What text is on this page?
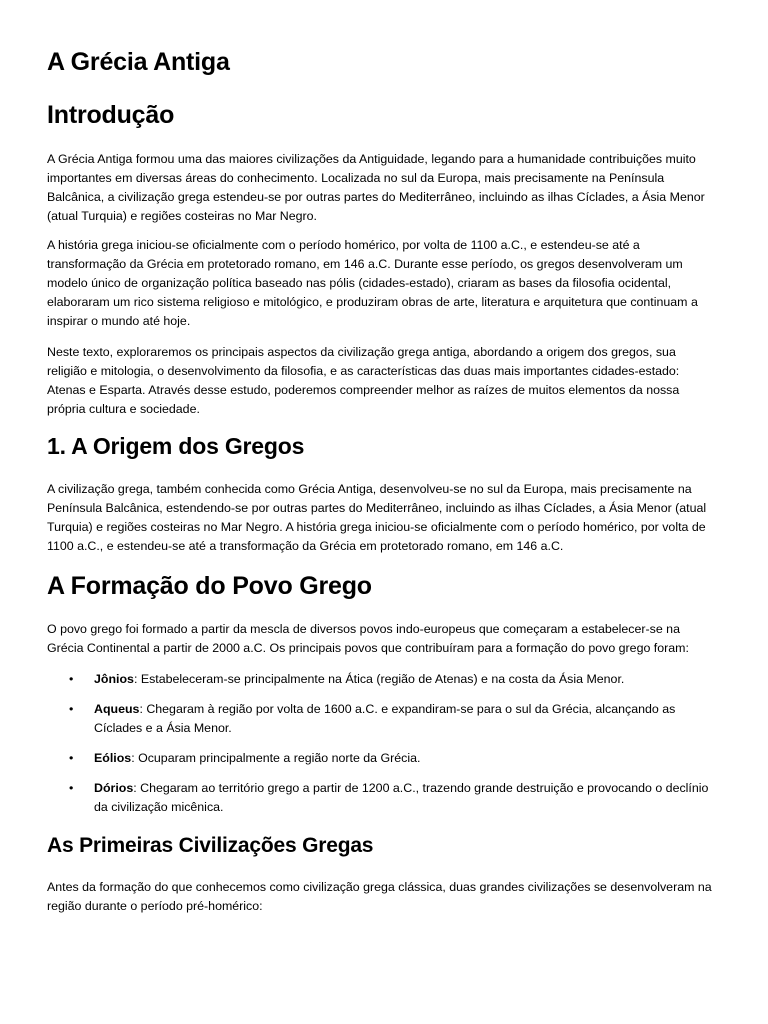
A Grécia Antiga
Introdução

A Grécia Antiga formou uma das maiores civilizações da Antiguidade, legando para a humanidade contribuições muito importantes em diversas áreas do conhecimento. Localizada no sul da Europa, mais precisamente na Península Balcânica, a civilização grega estendeu-se por outras partes do Mediterrâneo, incluindo as ilhas Cíclades, a Ásia Menor (atual Turquia) e regiões costeiras no Mar Negro.

A história grega iniciou-se oficialmente com o período homérico, por volta de 1100 a.C., e estendeu-se até a transformação da Grécia em protetorado romano, em 146 a.C. Durante esse período, os gregos desenvolveram um modelo único de organização política baseado nas pólis (cidades-estado), criaram as bases da filosofia ocidental, elaboraram um rico sistema religioso e mitológico, e produziram obras de arte, literatura e arquitetura que continuam a inspirar o mundo até hoje.

Neste texto, exploraremos os principais aspectos da civilização grega antiga, abordando a origem dos gregos, sua religião e mitologia, o desenvolvimento da filosofia, e as características das duas mais importantes cidades-estado: Atenas e Esparta. Através desse estudo, poderemos compreender melhor as raízes de muitos elementos da nossa própria cultura e sociedade.

1. A Origem dos Gregos

A civilização grega, também conhecida como Grécia Antiga, desenvolveu-se no sul da Europa, mais precisamente na Península Balcânica, estendendo-se por outras partes do Mediterrâneo, incluindo as ilhas Cíclades, a Ásia Menor (atual Turquia) e regiões costeiras no Mar Negro. A história grega iniciou-se oficialmente com o período homérico, por volta de 1100 a.C., e estendeu-se até a transformação da Grécia em protetorado romano, em 146 a.C.

A Formação do Povo Grego

O povo grego foi formado a partir da mescla de diversos povos indo-europeus que começaram a estabelecer-se na Grécia Continental a partir de 2000 a.C. Os principais povos que contribuíram para a formação do povo grego foram:

• Jônios: Estabeleceram-se principalmente na Ática (região de Atenas) e na costa da Ásia Menor.
• Aqueus: Chegaram à região por volta de 1600 a.C. e expandiram-se para o sul da Grécia, alcançando as Cíclades e a Ásia Menor.
• Eólios: Ocuparam principalmente a região norte da Grécia.
• Dórios: Chegaram ao território grego a partir de 1200 a.C., trazendo grande destruição e provocando o declínio da civilização micênica.
As Primeiras Civilizações Gregas

Antes da formação do que conhecemos como civilização grega clássica, duas grandes civilizações se desenvolveram na região durante o período pré-homérico:
